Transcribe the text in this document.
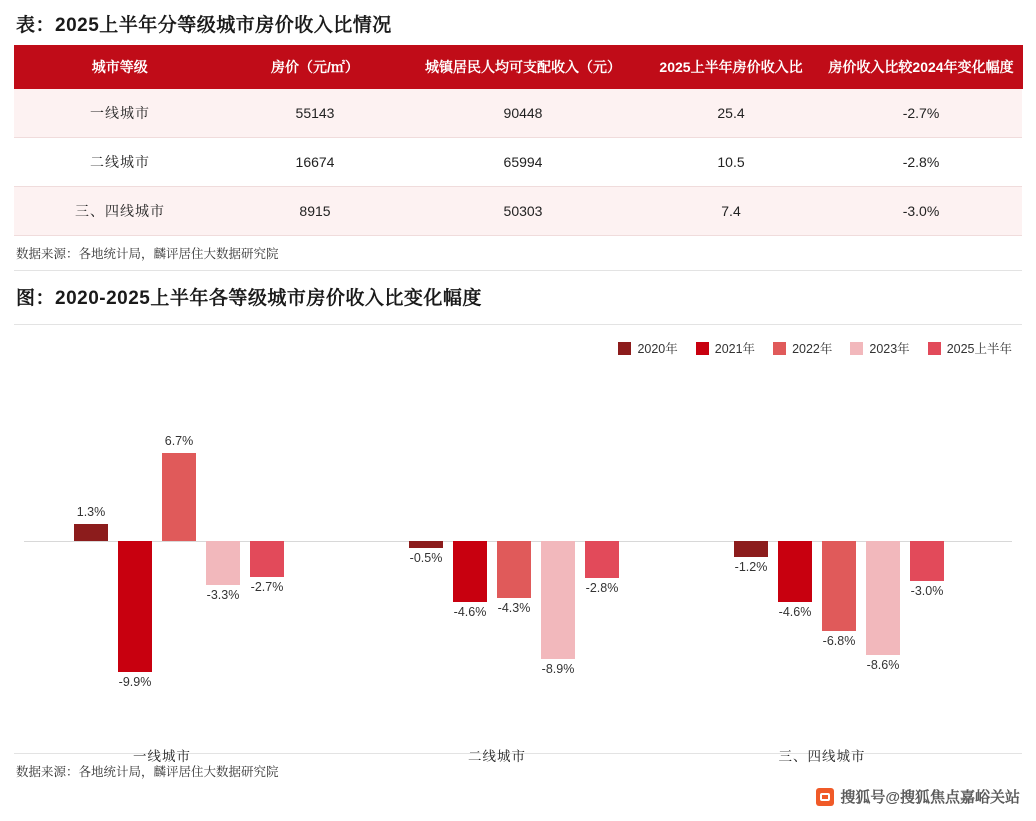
表：2025上半年分等级城市房价收入比情况
城市等级	房价（元/㎡）	城镇居民人均可支配收入（元）	2025上半年房价收入比	房价收入比较2024年变化幅度
一线城市	55143	90448	25.4	-2.7%
二线城市	16674	65994	10.5	-2.8%
三、四线城市	8915	50303	7.4	-3.0%
数据来源：各地统计局，麟评居住大数据研究院
图：2020-2025上半年各等级城市房价收入比变化幅度
2020年	2021年	2022年	2023年	2025上半年
1.3%
-9.9%
6.7%
-3.3%
-2.7%
一线城市
-0.5%
-4.6% -4.3%
-8.9%
-2.8%
二线城市
-1.2%
-4.6%
-6.8%
-8.6%
-3.0%
三、四线城市
数据来源：各地统计局，麟评居住大数据研究院
搜狐号@搜狐焦点嘉峪关站
